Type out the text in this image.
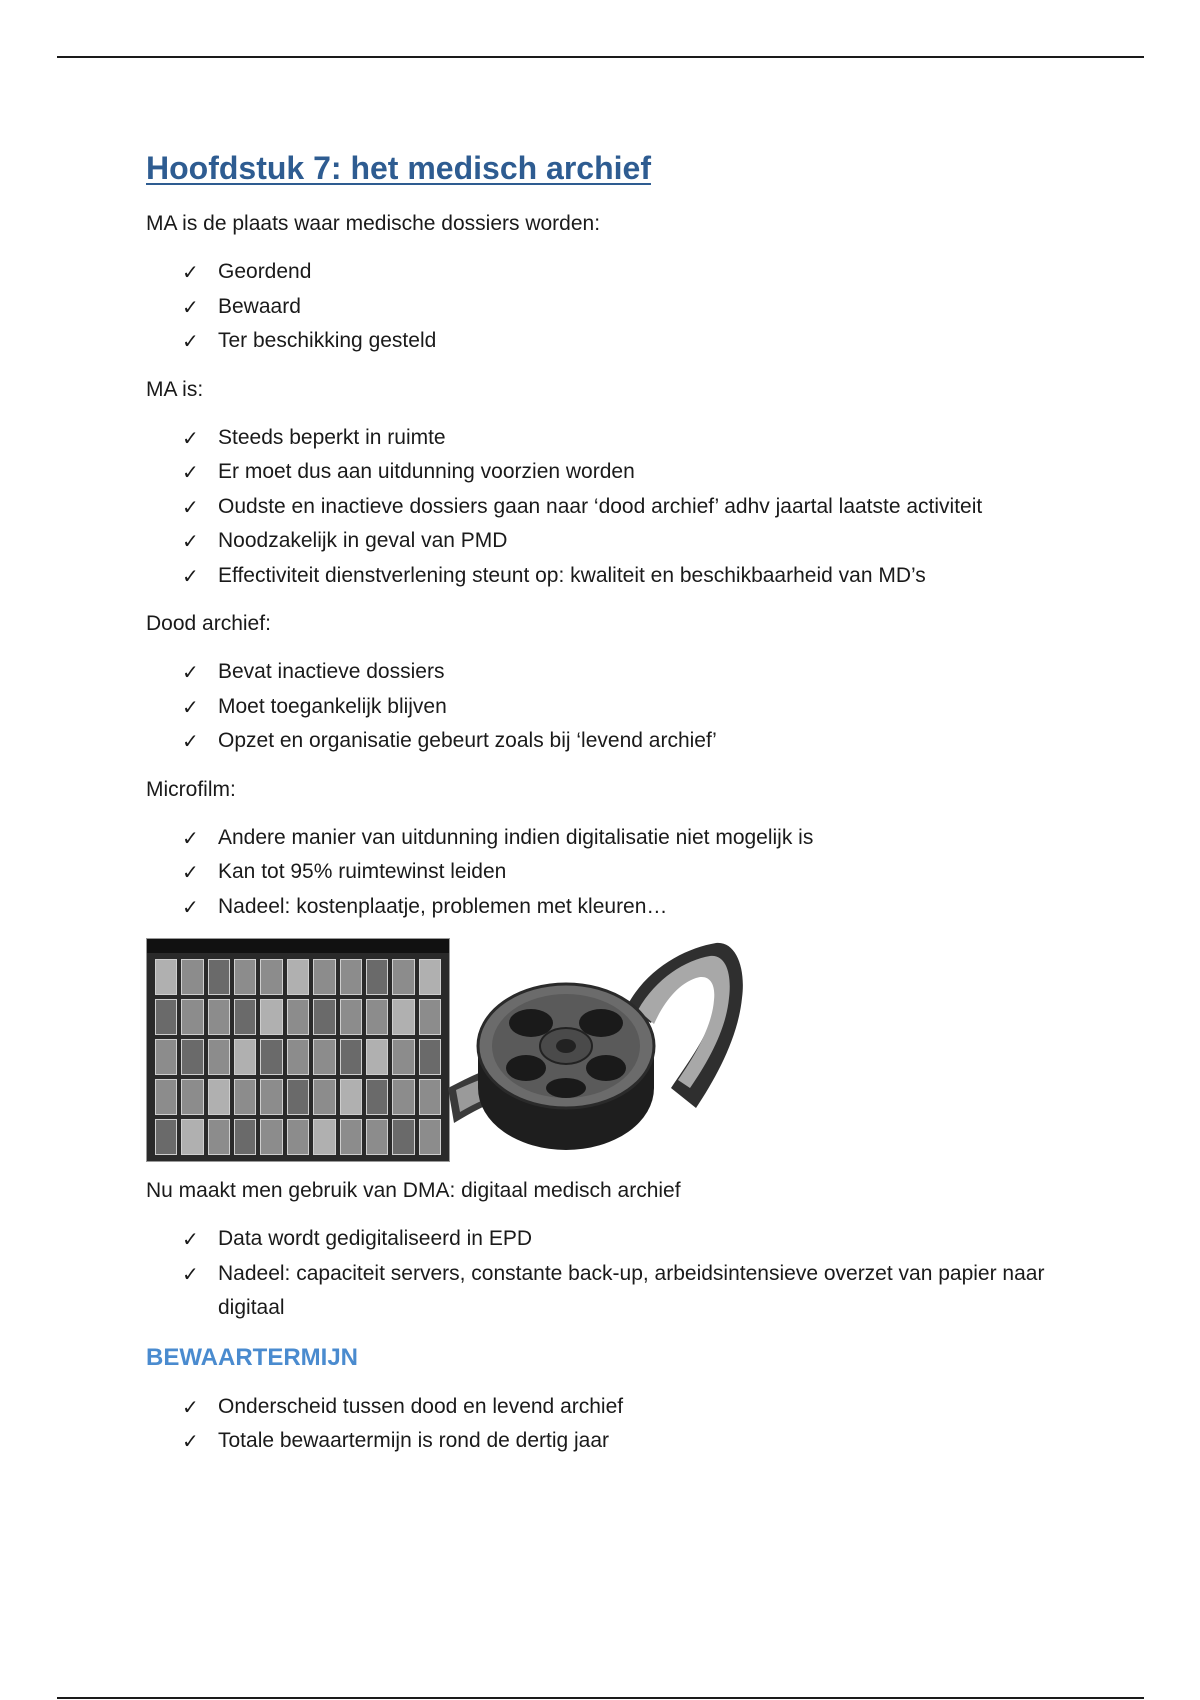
Hoofdstuk 7: het medisch archief

MA is de plaats waar medische dossiers worden:

✓ Geordend
✓ Bewaard
✓ Ter beschikking gesteld

MA is:

✓ Steeds beperkt in ruimte
✓ Er moet dus aan uitdunning voorzien worden
✓ Oudste en inactieve dossiers gaan naar ‘dood archief’ adhv jaartal laatste activiteit
✓ Noodzakelijk in geval van PMD
✓ Effectiviteit dienstverlening steunt op: kwaliteit en beschikbaarheid van MD’s

Dood archief:

✓ Bevat inactieve dossiers
✓ Moet toegankelijk blijven
✓ Opzet en organisatie gebeurt zoals bij ‘levend archief’

Microfilm:

✓ Andere manier van uitdunning indien digitalisatie niet mogelijk is
✓ Kan tot 95% ruimtewinst leiden
✓ Nadeel: kostenplaatje, problemen met kleuren…

Nu maakt men gebruik van DMA: digitaal medisch archief

✓ Data wordt gedigitaliseerd in EPD
✓ Nadeel: capaciteit servers, constante back-up, arbeidsintensieve overzet van papier naar digitaal
BEWAARTERMIJN
✓ Onderscheid tussen dood en levend archief
✓ Totale bewaartermijn is rond de dertig jaar
